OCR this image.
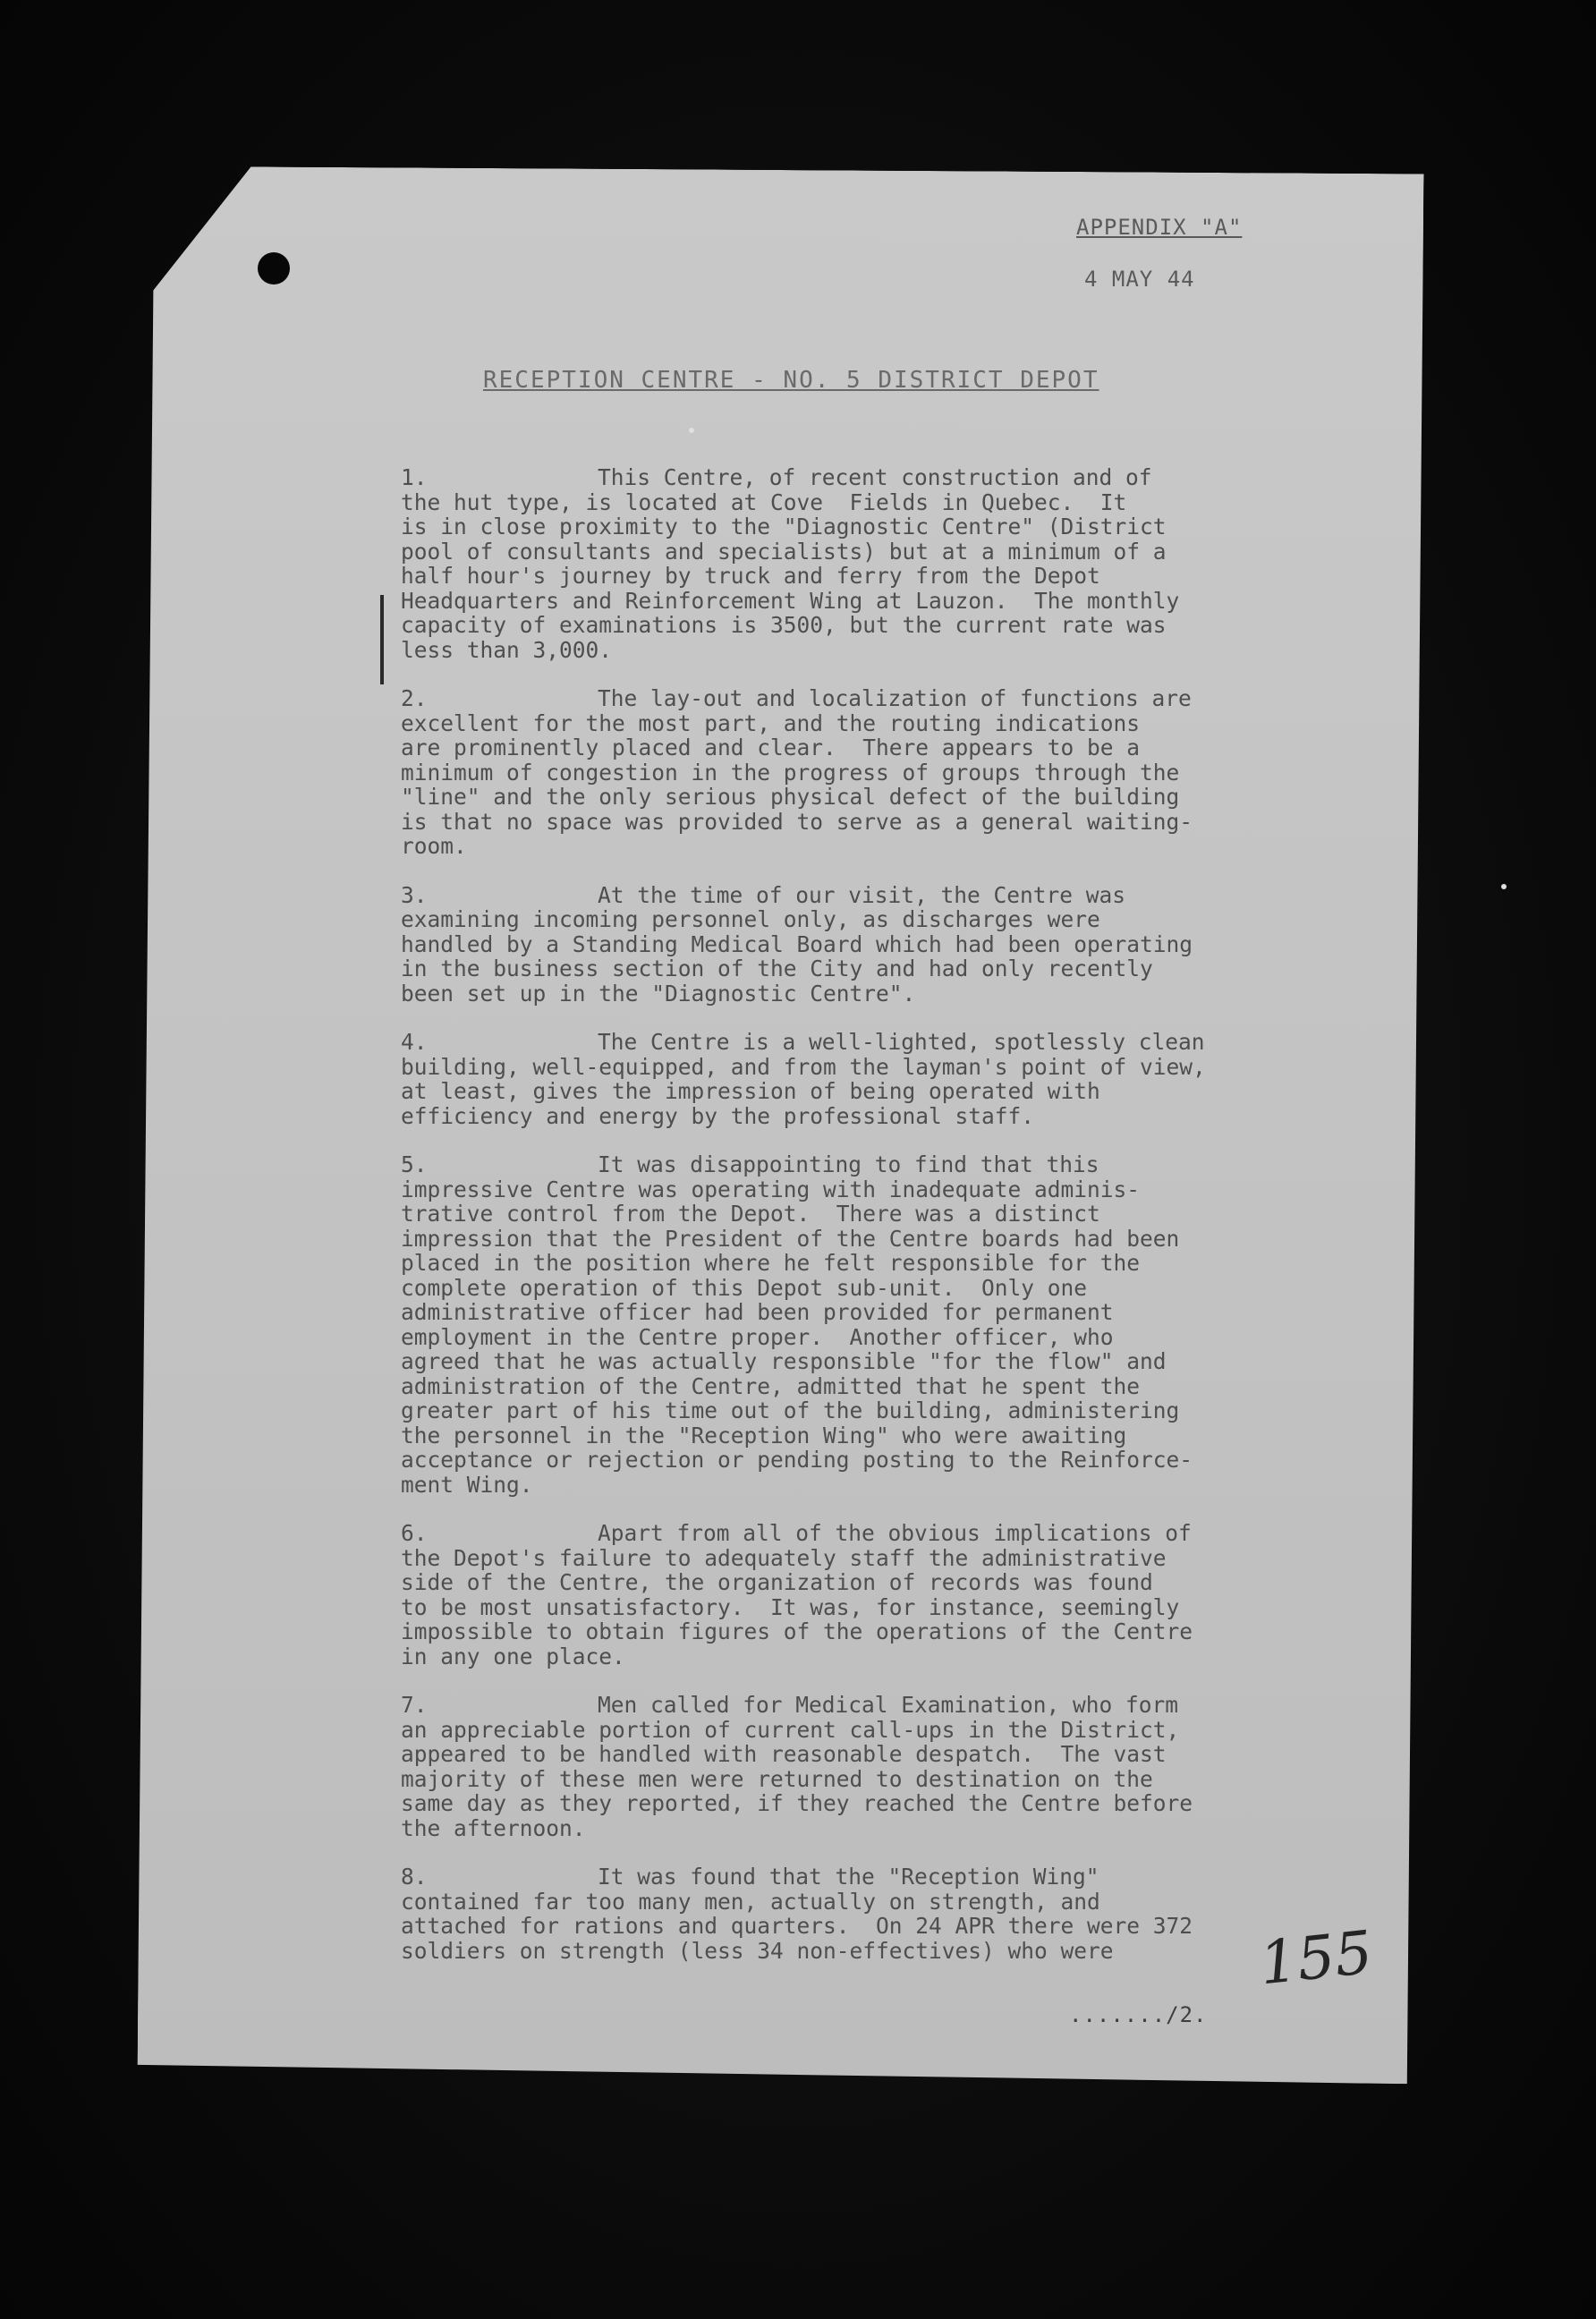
APPENDIX "A"
4 MAY 44
RECEPTION CENTRE - NO. 5 DISTRICT DEPOT
1.	This Centre, of recent construction and of
the hut type, is located at Cove  Fields in Quebec.  It
is in close proximity to the "Diagnostic Centre" (District
pool of consultants and specialists) but at a minimum of a
half hour's journey by truck and ferry from the Depot
Headquarters and Reinforcement Wing at Lauzon.  The monthly
capacity of examinations is 3500, but the current rate was
less than 3,000.
2.	The lay-out and localization of functions are
excellent for the most part, and the routing indications
are prominently placed and clear.  There appears to be a
minimum of congestion in the progress of groups through the
"line" and the only serious physical defect of the building
is that no space was provided to serve as a general waiting-
room.
3.	At the time of our visit, the Centre was
examining incoming personnel only, as discharges were
handled by a Standing Medical Board which had been operating
in the business section of the City and had only recently
been set up in the "Diagnostic Centre".
4.	The Centre is a well-lighted, spotlessly clean
building, well-equipped, and from the layman's point of view,
at least, gives the impression of being operated with
efficiency and energy by the professional staff.
5.	It was disappointing to find that this
impressive Centre was operating with inadequate adminis-
trative control from the Depot.  There was a distinct
impression that the President of the Centre boards had been
placed in the position where he felt responsible for the
complete operation of this Depot sub-unit.  Only one
administrative officer had been provided for permanent
employment in the Centre proper.  Another officer, who
agreed that he was actually responsible "for the flow" and
administration of the Centre, admitted that he spent the
greater part of his time out of the building, administering
the personnel in the "Reception Wing" who were awaiting
acceptance or rejection or pending posting to the Reinforce-
ment Wing.
6.	Apart from all of the obvious implications of
the Depot's failure to adequately staff the administrative
side of the Centre, the organization of records was found
to be most unsatisfactory.  It was, for instance, seemingly
impossible to obtain figures of the operations of the Centre
in any one place.
7.	Men called for Medical Examination, who form
an appreciable portion of current call-ups in the District,
appeared to be handled with reasonable despatch.  The vast
majority of these men were returned to destination on the
same day as they reported, if they reached the Centre before
the afternoon.
8.	It was found that the "Reception Wing"
contained far too many men, actually on strength, and
attached for rations and quarters.  On 24 APR there were 372
soldiers on strength (less 34 non-effectives) who were
......./2.
155
